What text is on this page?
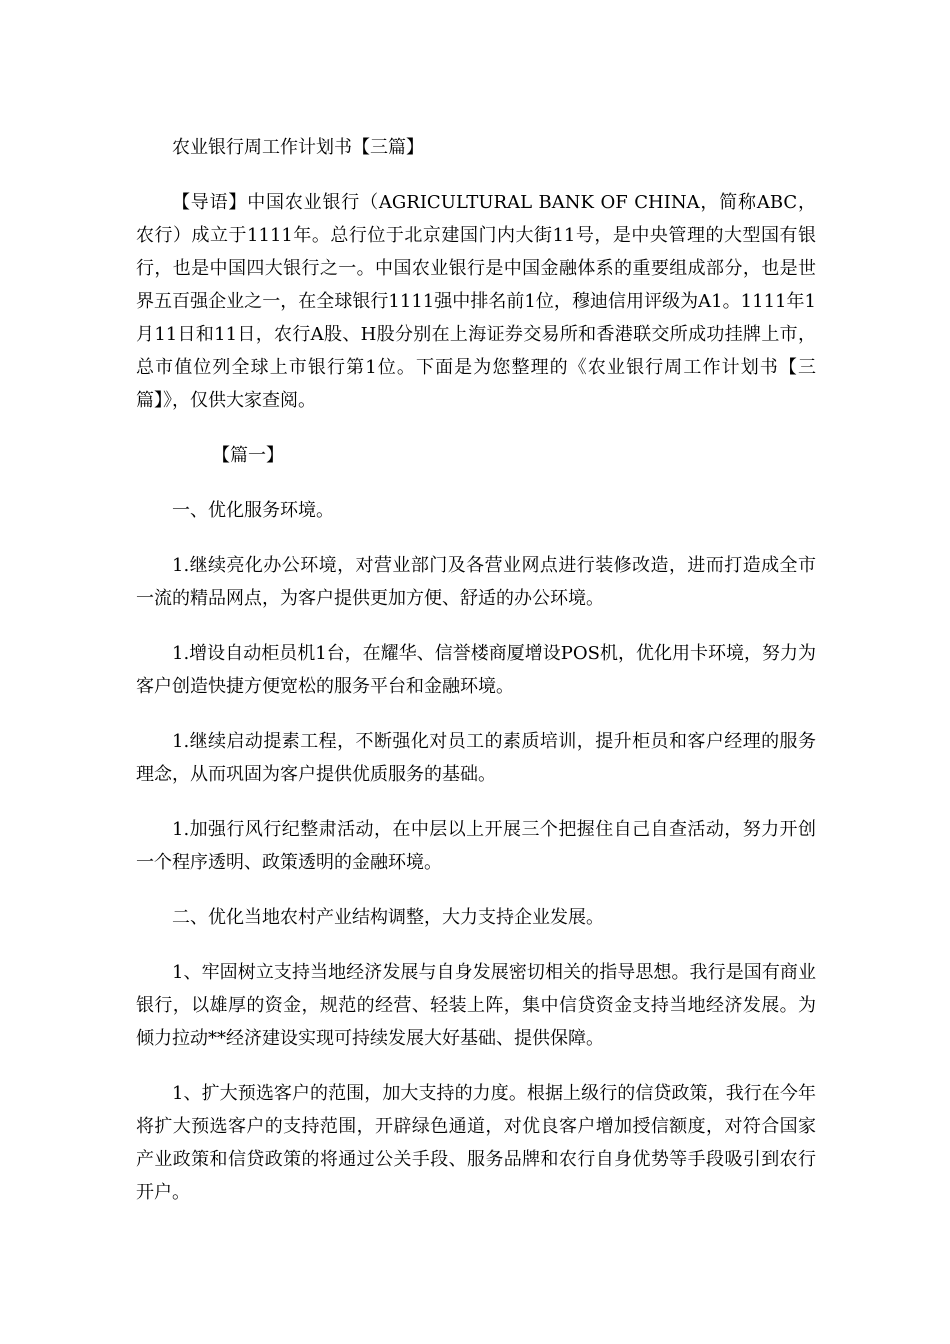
农业银行周工作计划书【三篇】

【导语】中国农业银行（AGRICULTURAL BANK OF CHINA，简称ABC，农行）成立于1111年。总行位于北京建国门内大街11号，是中央管理的大型国有银行，也是中国四大银行之一。中国农业银行是中国金融体系的重要组成部分，也是世界五百强企业之一，在全球银行1111强中排名前1位，穆迪信用评级为A1。1111年1月11日和11日，农行A股、H股分别在上海证券交易所和香港联交所成功挂牌上市，总市值位列全球上市银行第1位。下面是为您整理的《农业银行周工作计划书【三篇】》，仅供大家查阅。

【篇一】

一、优化服务环境。

1.继续亮化办公环境，对营业部门及各营业网点进行装修改造，进而打造成全市一流的精品网点，为客户提供更加方便、舒适的办公环境。

1.增设自动柜员机1台，在耀华、信誉楼商厦增设POS机，优化用卡环境，努力为客户创造快捷方便宽松的服务平台和金融环境。

1.继续启动提素工程，不断强化对员工的素质培训，提升柜员和客户经理的服务理念，从而巩固为客户提供优质服务的基础。

1.加强行风行纪整肃活动，在中层以上开展三个把握住自己自查活动，努力开创一个程序透明、政策透明的金融环境。

二、优化当地农村产业结构调整，大力支持企业发展。

1、牢固树立支持当地经济发展与自身发展密切相关的指导思想。我行是国有商业银行，以雄厚的资金，规范的经营、轻装上阵，集中信贷资金支持当地经济发展。为倾力拉动**经济建设实现可持续发展大好基础、提供保障。

1、扩大预选客户的范围，加大支持的力度。根据上级行的信贷政策，我行在今年将扩大预选客户的支持范围，开辟绿色通道，对优良客户增加授信额度，对符合国家产业政策和信贷政策的将通过公关手段、服务品牌和农行自身优势等手段吸引到农行开户。
